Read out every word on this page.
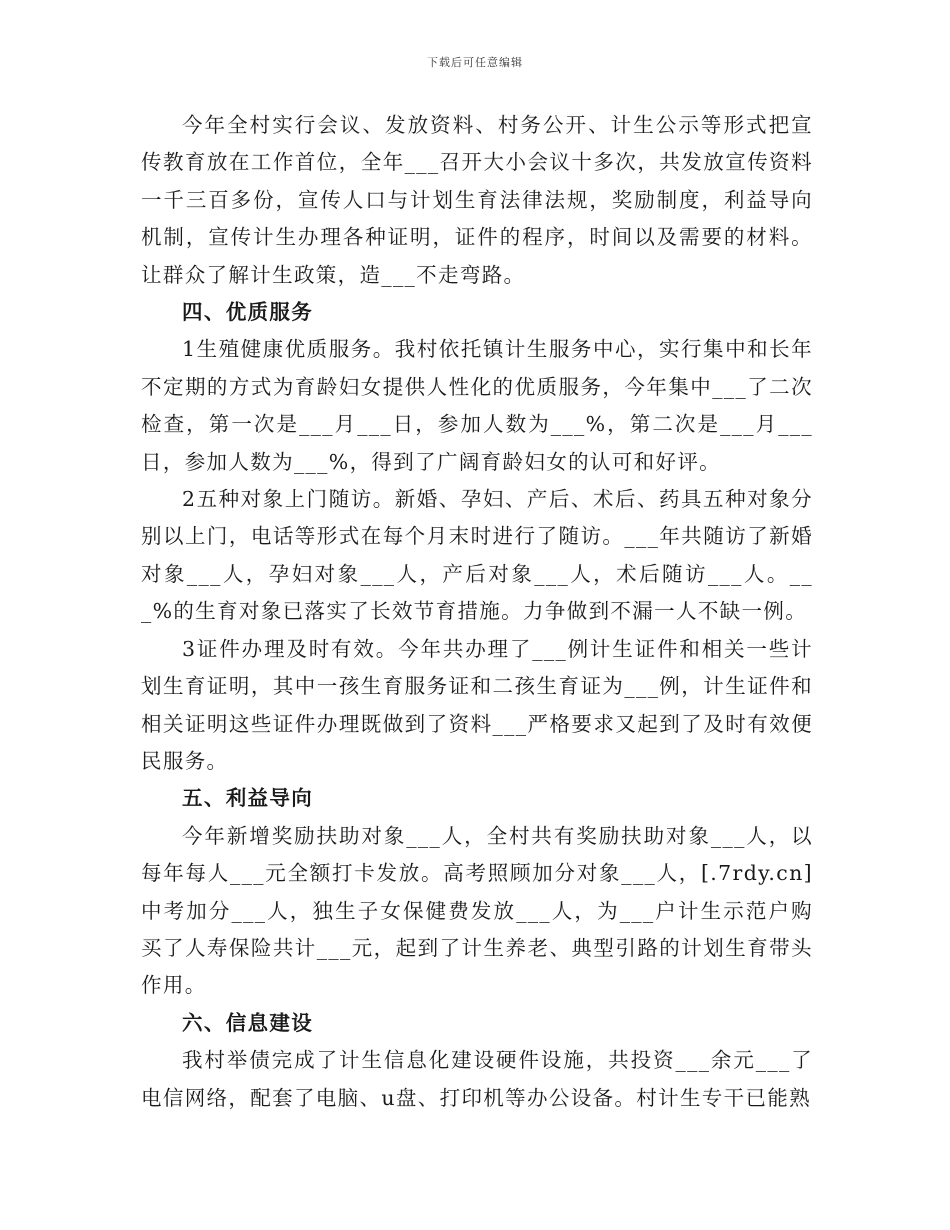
下载后可任意编辑

今年全村实行会议、发放资料、村务公开、计生公示等形式把宣传教育放在工作首位，全年___召开大小会议十多次，共发放宣传资料一千三百多份，宣传人口与计划生育法律法规，奖励制度，利益导向机制，宣传计生办理各种证明，证件的程序，时间以及需要的材料。让群众了解计生政策，造___不走弯路。

四、优质服务

1生殖健康优质服务。我村依托镇计生服务中心，实行集中和长年不定期的方式为育龄妇女提供人性化的优质服务，今年集中___了二次检查，第一次是___月___日，参加人数为___%，第二次是___月___日，参加人数为___%，得到了广阔育龄妇女的认可和好评。

2五种对象上门随访。新婚、孕妇、产后、术后、药具五种对象分别以上门，电话等形式在每个月末时进行了随访。___年共随访了新婚对象___人，孕妇对象___人，产后对象___人，术后随访___人。___%的生育对象已落实了长效节育措施。力争做到不漏一人不缺一例。

3证件办理及时有效。今年共办理了___例计生证件和相关一些计划生育证明，其中一孩生育服务证和二孩生育证为___例，计生证件和相关证明这些证件办理既做到了资料___严格要求又起到了及时有效便民服务。

五、利益导向

今年新增奖励扶助对象___人，全村共有奖励扶助对象___人，以每年每人___元全额打卡发放。高考照顾加分对象___人，[.7rdy.cn]中考加分___人，独生子女保健费发放___人，为___户计生示范户购买了人寿保险共计___元，起到了计生养老、典型引路的计划生育带头作用。

六、信息建设

我村举债完成了计生信息化建设硬件设施，共投资___余元___了电信网络，配套了电脑、u盘、打印机等办公设备。村计生专干已能熟
